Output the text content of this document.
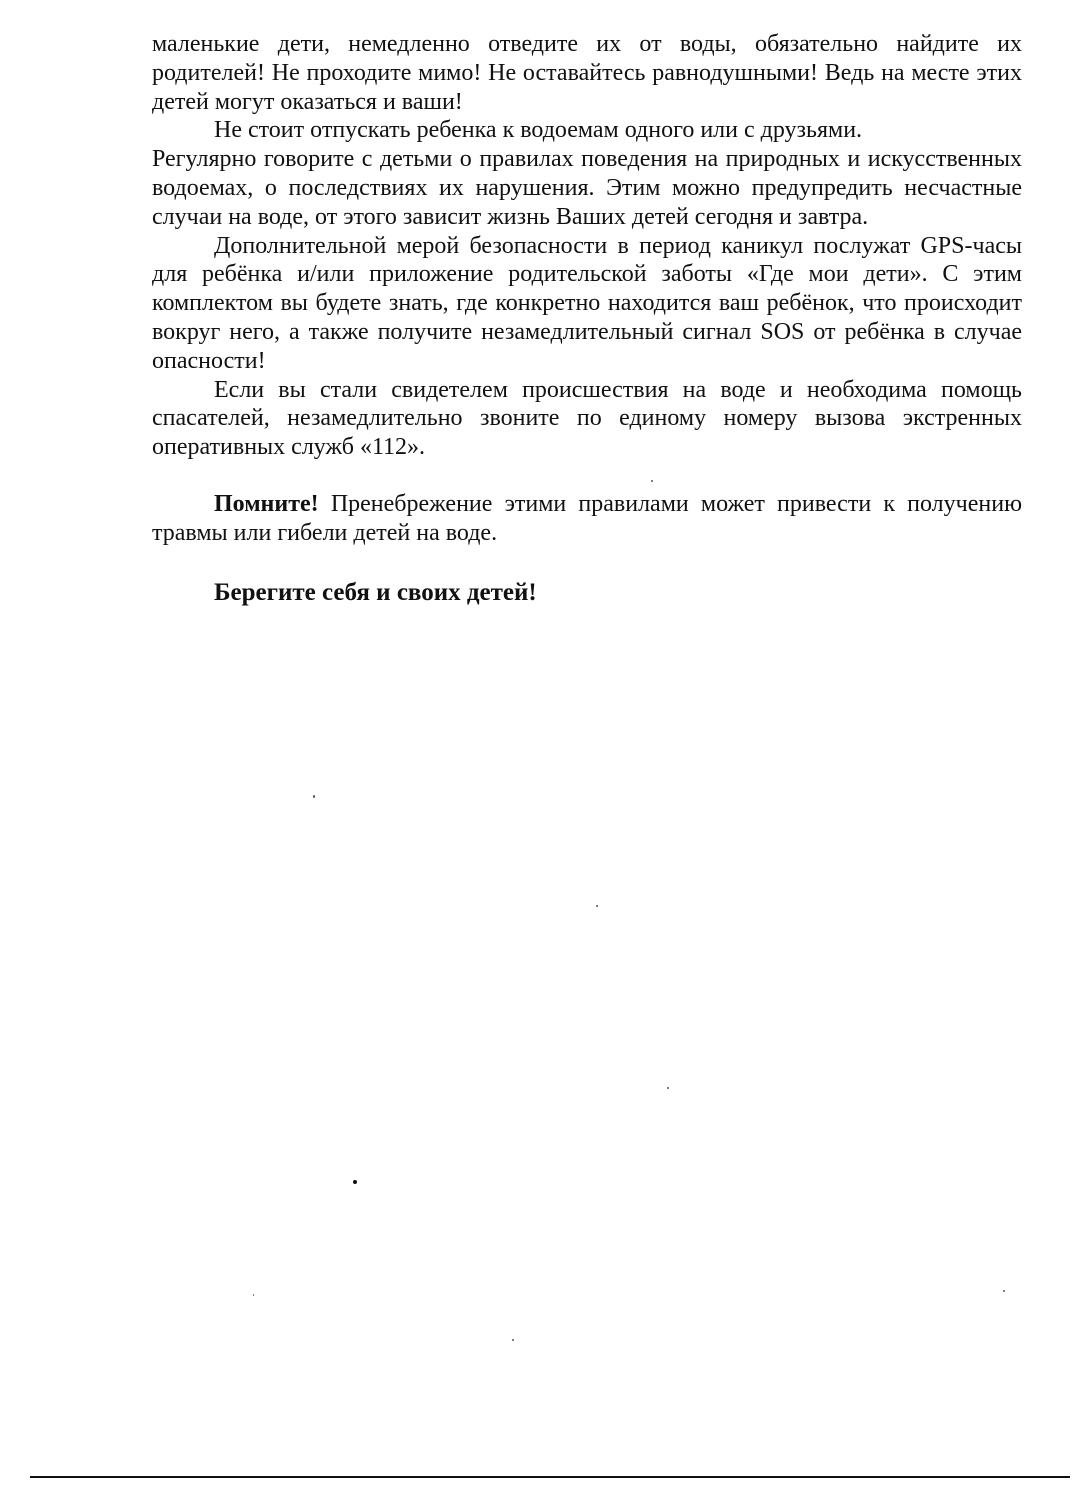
маленькие дети, немедленно отведите их от воды, обязательно найдите их родителей! Не проходите мимо! Не оставайтесь равнодушными! Ведь на месте этих детей могут оказаться и ваши!

Не стоит отпускать ребенка к водоемам одного или с друзьями.

Регулярно говорите с детьми о правилах поведения на природных и искусственных водоемах, о последствиях их нарушения. Этим можно предупредить несчастные случаи на воде, от этого зависит жизнь Ваших детей сегодня и завтра.

Дополнительной мерой безопасности в период каникул послужат GPS-часы для ребёнка и/или приложение родительской заботы «Где мои дети». С этим комплектом вы будете знать, где конкретно находится ваш ребёнок, что происходит вокруг него, а также получите незамедлительный сигнал SOS от ребёнка в случае опасности!

Если вы стали свидетелем происшествия на воде и необходима помощь спасателей, незамедлительно звоните по единому номеру вызова экстренных оперативных служб «112».

Помните! Пренебрежение этими правилами может привести к получению травмы или гибели детей на воде.

Берегите себя и своих детей!
